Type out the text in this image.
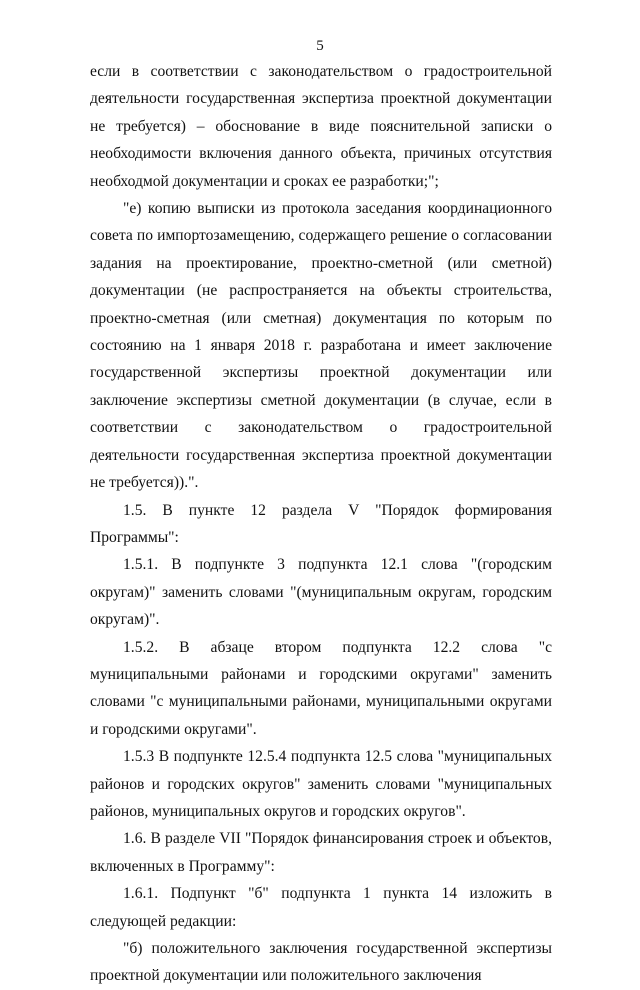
5

если в соответствии с законодательством о градостроительной деятельности государственная экспертиза проектной документации не требуется) – обоснование в виде пояснительной записки о необходимости включения данного объекта, причиных отсутствия необходмой документации и сроках ее разработки;";

"е) копию выписки из протокола заседания координационного совета по импортозамещению, содержащего решение о согласовании задания на проектирование, проектно-сметной (или сметной) документации (не распространяется на объекты строительства, проектно-сметная (или сметная) документация по которым по состоянию на 1 января 2018 г. разработана и имеет заключение государственной экспертизы проектной документации или заключение экспертизы сметной документации (в случае, если в соответствии с законодательством о градостроительной деятельности государственная экспертиза проектной документации не требуется)).".

1.5. В пункте 12 раздела V "Порядок формирования Программы":

1.5.1. В подпункте 3 подпункта 12.1 слова "(городским округам)" заменить словами "(муниципальным округам, городским округам)".

1.5.2. В абзаце втором подпункта 12.2 слова "с муниципальными районами и городскими округами" заменить словами "с муниципальными районами, муниципальными округами и городскими округами".

1.5.3 В подпункте 12.5.4 подпункта 12.5 слова "муниципальных районов и городских округов" заменить словами "муниципальных районов, муниципальных округов и городских округов".

1.6. В разделе VII "Порядок финансирования строек и объектов, включенных в Программу":

1.6.1. Подпункт "б" подпункта 1 пункта 14 изложить в следующей редакции:

"б) положительного заключения государственной экспертизы проектной документации или положительного заключения
